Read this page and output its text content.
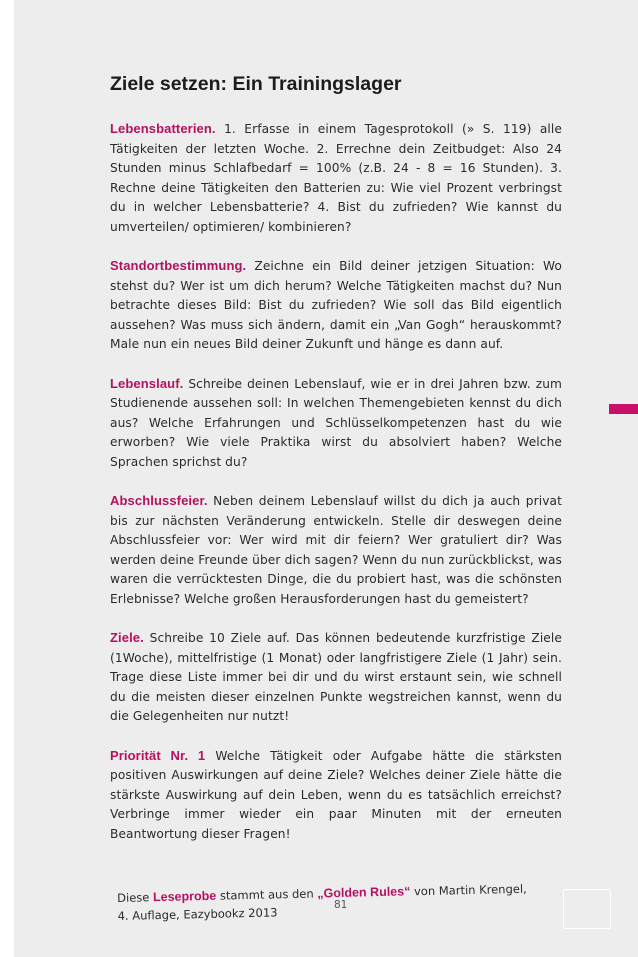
Ziele setzen: Ein Trainingslager

Lebensbatterien. 1. Erfasse in einem Tagesprotokoll (» S. 119) alle Tätigkeiten der letzten Woche. 2. Errechne dein Zeitbudget: Also 24 Stunden minus Schlafbedarf = 100% (z.B. 24 - 8 = 16 Stunden). 3. Rechne deine Tätigkeiten den Batterien zu: Wie viel Prozent verbringst du in welcher Lebensbatterie? 4. Bist du zufrieden? Wie kannst du umverteilen/ optimieren/ kombinieren?

Standortbestimmung. Zeichne ein Bild deiner jetzigen Situation: Wo stehst du? Wer ist um dich herum? Welche Tätigkeiten machst du? Nun betrachte dieses Bild: Bist du zufrieden? Wie soll das Bild eigentlich aussehen? Was muss sich ändern, damit ein „Van Gogh“ herauskommt? Male nun ein neues Bild deiner Zukunft und hänge es dann auf.

Lebenslauf. Schreibe deinen Lebenslauf, wie er in drei Jahren bzw. zum Studienende aussehen soll: In welchen Themengebieten kennst du dich aus? Welche Erfahrungen und Schlüsselkompetenzen hast du wie erworben? Wie viele Praktika wirst du absolviert haben? Welche Sprachen sprichst du?

Abschlussfeier. Neben deinem Lebenslauf willst du dich ja auch privat bis zur nächsten Veränderung entwickeln. Stelle dir deswegen deine Abschlussfeier vor: Wer wird mit dir feiern? Wer gratuliert dir? Was werden deine Freunde über dich sagen? Wenn du nun zurückblickst, was waren die verrücktesten Dinge, die du probiert hast, was die schönsten Erlebnisse? Welche großen Herausforderungen hast du gemeistert?

Ziele. Schreibe 10 Ziele auf. Das können bedeutende kurzfristige Ziele (1Woche), mittelfristige (1 Monat) oder langfristigere Ziele (1 Jahr) sein. Trage diese Liste immer bei dir und du wirst erstaunt sein, wie schnell du die meisten dieser einzelnen Punkte wegstreichen kannst, wenn du die Gelegenheiten nur nutzt!

Priorität Nr. 1 Welche Tätigkeit oder Aufgabe hätte die stärksten positiven Auswirkungen auf deine Ziele? Welches deiner Ziele hätte die stärkste Auswirkung auf dein Leben, wenn du es tatsächlich erreichst? Verbringe immer wieder ein paar Minuten mit der erneuten Beantwortung dieser Fragen!

Diese Leseprobe stammt aus den „Golden Rules“ von Martin Krengel,
4. Auflage, Eazybookz 2013
81
